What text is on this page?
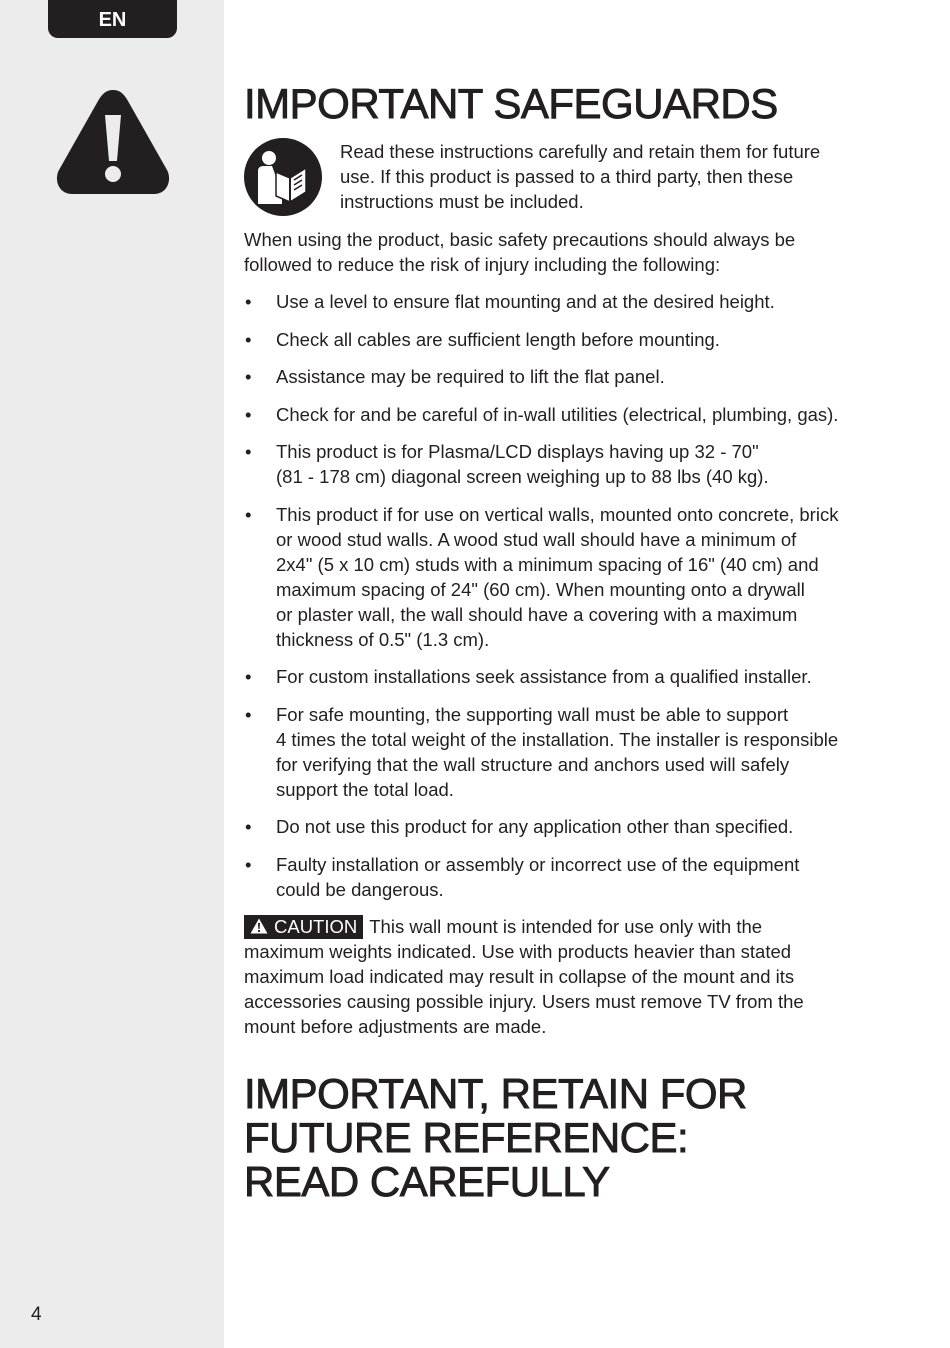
EN
4
IMPORTANT SAFEGUARDS

Read these instructions carefully and retain them for future
use. If this product is passed to a third party, then these
instructions must be included.

When using the product, basic safety precautions should always be
followed to reduce the risk of injury including the following:

• Use a level to ensure flat mounting and at the desired height.
• Check all cables are sufficient length before mounting.
• Assistance may be required to lift the flat panel.
• Check for and be careful of in-wall utilities (electrical, plumbing, gas).
• This product is for Plasma/LCD displays having up 32 - 70"
(81 - 178 cm) diagonal screen weighing up to 88 lbs (40 kg).
• This product if for use on vertical walls, mounted onto concrete, brick
or wood stud walls. A wood stud wall should have a minimum of
2x4" (5 x 10 cm) studs with a minimum spacing of 16" (40 cm) and
maximum spacing of 24" (60 cm). When mounting onto a drywall
or plaster wall, the wall should have a covering with a maximum
thickness of 0.5" (1.3 cm).
• For custom installations seek assistance from a qualified installer.
• For safe mounting, the supporting wall must be able to support
4 times the total weight of the installation. The installer is responsible
for verifying that the wall structure and anchors used will safely
support the total load.
• Do not use this product for any application other than specified.
• Faulty installation or assembly or incorrect use of the equipment
could be dangerous.

CAUTION This wall mount is intended for use only with the
maximum weights indicated. Use with products heavier than stated
maximum load indicated may result in collapse of the mount and its
accessories causing possible injury. Users must remove TV from the
mount before adjustments are made.

IMPORTANT, RETAIN FOR
FUTURE REFERENCE:
READ CAREFULLY
